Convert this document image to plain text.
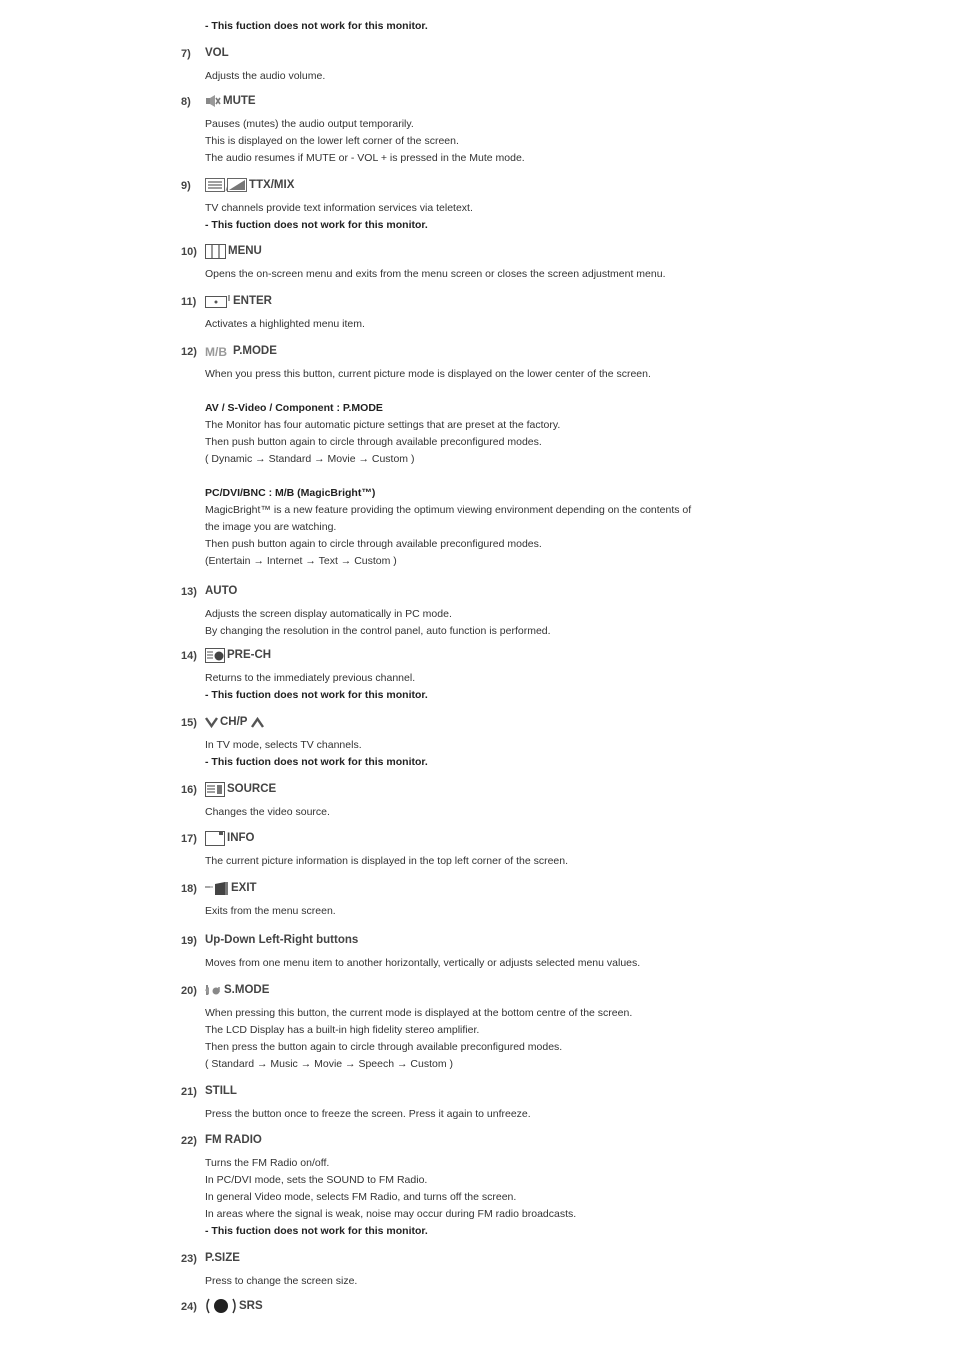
- This fuction does not work for this monitor.
7)	VOL
Adjusts the audio volume.
8)	MUTE
Pauses (mutes) the audio output temporarily.
This is displayed on the lower left corner of the screen.
The audio resumes if MUTE or - VOL + is pressed in the Mute mode.
9)	TTX/MIX
TV channels provide text information services via teletext.
- This fuction does not work for this monitor.
10)	MENU
Opens the on-screen menu and exits from the menu screen or closes the screen adjustment menu.
11)	ENTER
Activates a highlighted menu item.
12) M/B P.MODE
When you press this button, current picture mode is displayed on the lower center of the screen.
AV / S-Video / Component : P.MODE
The Monitor has four automatic picture settings that are preset at the factory.
Then push button again to circle through available preconfigured modes.
( Dynamic → Standard → Movie → Custom )
PC/DVI/BNC : M/B (MagicBright™)
MagicBright™ is a new feature providing the optimum viewing environment depending on the contents of
the image you are watching.
Then push button again to circle through available preconfigured modes.
(Entertain → Internet → Text → Custom )
13) AUTO
Adjusts the screen display automatically in PC mode.
By changing the resolution in the control panel, auto function is performed.
14)	PRE-CH
Returns to the immediately previous channel.
- This fuction does not work for this monitor.
15)	CH/P
In TV mode, selects TV channels.
- This fuction does not work for this monitor.
16)	SOURCE
Changes the video source.
17)	INFO
The current picture information is displayed in the top left corner of the screen.
18)	EXIT
Exits from the menu screen.
19) Up-Down Left-Right buttons
Moves from one menu item to another horizontally, vertically or adjusts selected menu values.
20)	S.MODE
When pressing this button, the current mode is displayed at the bottom centre of the screen.
The LCD Display has a built-in high fidelity stereo amplifier.
Then press the button again to circle through available preconfigured modes.
( Standard → Music → Movie → Speech → Custom )
21) STILL
Press the button once to freeze the screen. Press it again to unfreeze.
22) FM RADIO
Turns the FM Radio on/off.
In PC/DVI mode, sets the SOUND to FM Radio.
In general Video mode, selects FM Radio, and turns off the screen.
In areas where the signal is weak, noise may occur during FM radio broadcasts.
- This fuction does not work for this monitor.
23) P.SIZE
Press to change the screen size.
24)	SRS
